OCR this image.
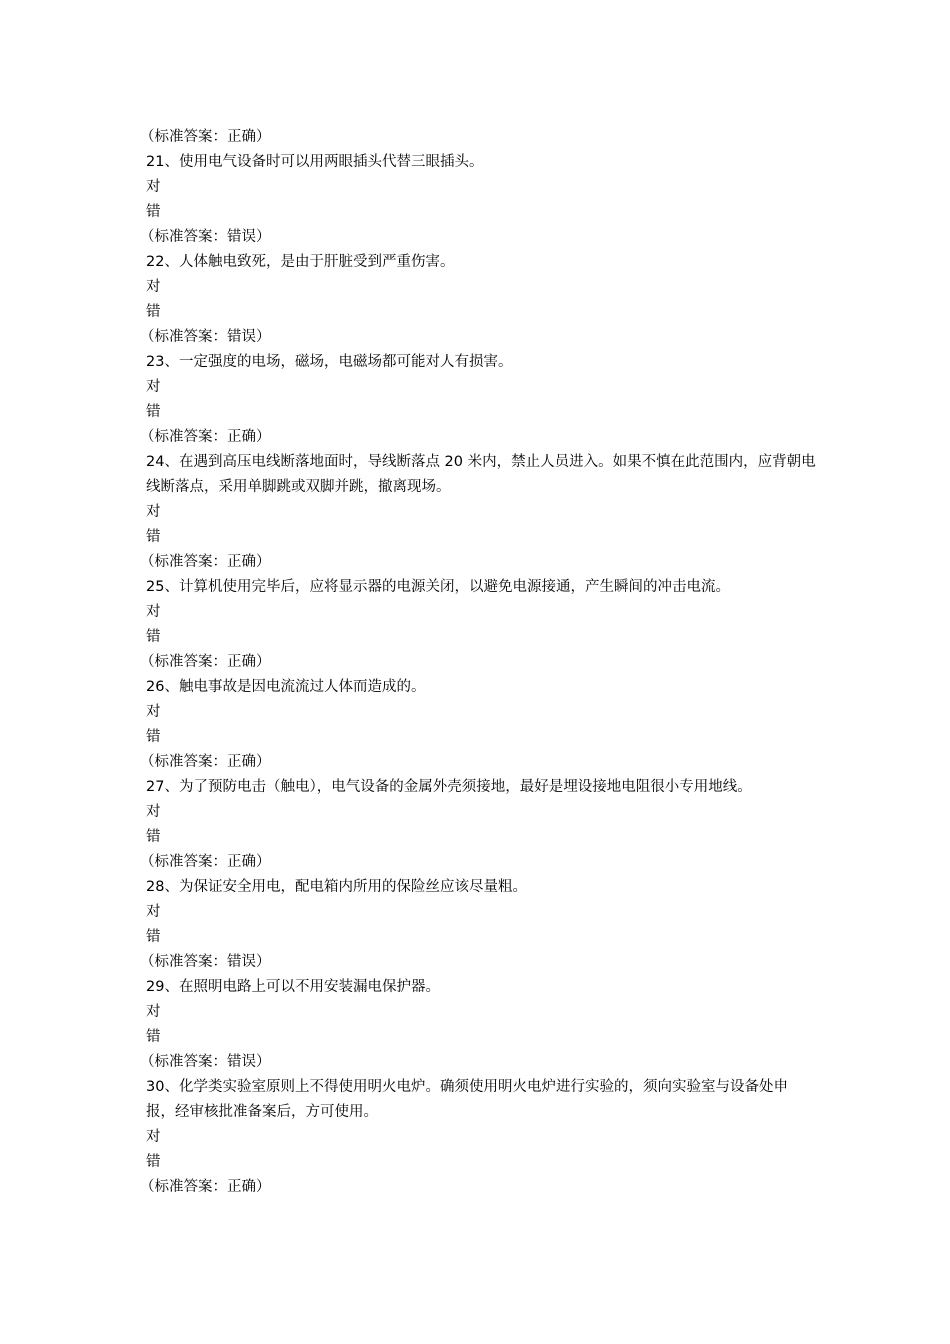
（标准答案：正确）
21、使用电气设备时可以用两眼插头代替三眼插头。
对
错
（标准答案：错误）
22、人体触电致死，是由于肝脏受到严重伤害。
对
错
（标准答案：错误）
23、一定强度的电场，磁场，电磁场都可能对人有损害。
对
错
（标准答案：正确）
24、在遇到高压电线断落地面时，导线断落点 20 米内，禁止人员进入。如果不慎在此范围内，应背朝电线断落点，采用单脚跳或双脚并跳，撤离现场。
对
错
（标准答案：正确）
25、计算机使用完毕后，应将显示器的电源关闭，以避免电源接通，产生瞬间的冲击电流。
对
错
（标准答案：正确）
26、触电事故是因电流流过人体而造成的。
对
错
（标准答案：正确）
27、为了预防电击（触电），电气设备的金属外壳须接地，最好是埋设接地电阻很小专用地线。
对
错
（标准答案：正确）
28、为保证安全用电，配电箱内所用的保险丝应该尽量粗。
对
错
（标准答案：错误）
29、在照明电路上可以不用安装漏电保护器。
对
错
（标准答案：错误）
30、化学类实验室原则上不得使用明火电炉。确须使用明火电炉进行实验的，须向实验室与设备处申报，经审核批准备案后，方可使用。
对
错
（标准答案：正确）
